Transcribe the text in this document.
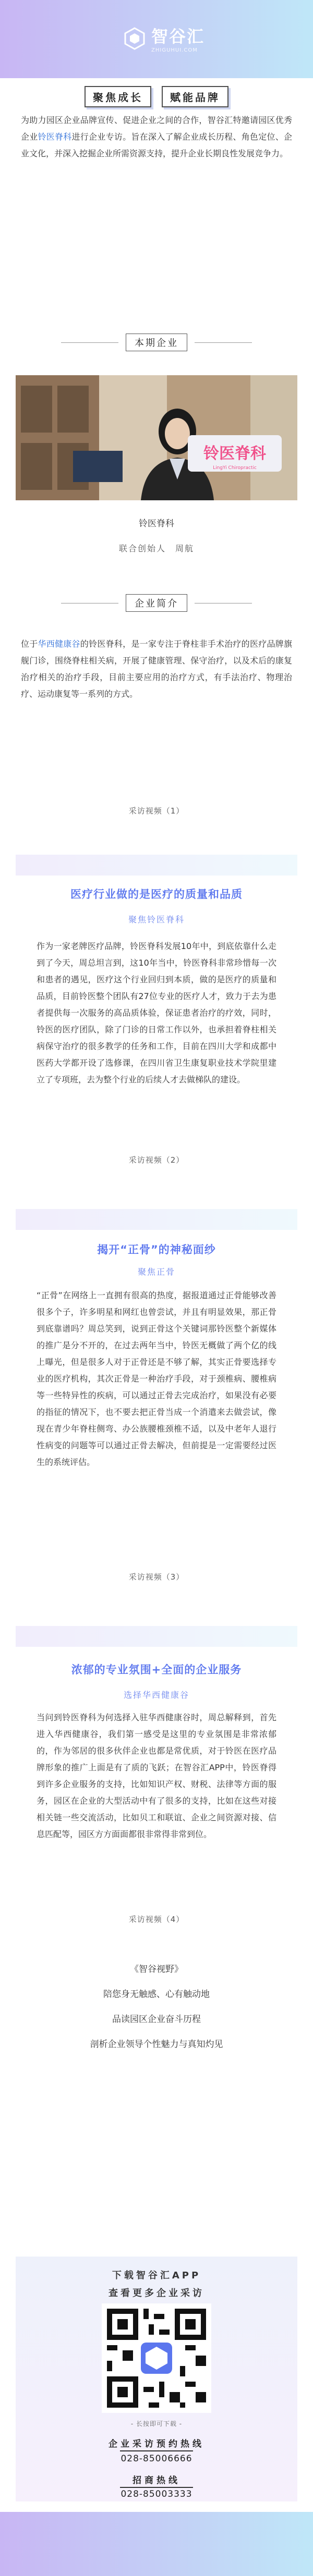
智谷汇
ZHIGUHUI.COM
聚焦成长	赋能品牌
为助力园区企业品牌宣传、促进企业之间的合作，智谷汇特邀请园区优秀企业铃医脊科进行企业专访。旨在深入了解企业成长历程、角色定位、企业文化，并深入挖掘企业所需资源支持，提升企业长期良性发展竞争力。
本期企业
铃医脊科
LingYi Chiropractic
铃医脊科
联合创始人　周航
企业简介
位于华西健康谷的铃医脊科，是一家专注于脊柱非手术治疗的医疗品牌旗舰门诊，围绕脊柱相关病，开展了健康管理、保守治疗，以及术后的康复治疗相关的治疗手段，目前主要应用的治疗方式，有手法治疗、物理治疗、运动康复等一系列的方式。
采访视频（1）
医疗行业做的是医疗的质量和品质
聚焦铃医脊科
作为一家老牌医疗品牌，铃医脊科发展10年中，到底依靠什么走到了今天，周总坦言到，这10年当中，铃医脊科非常珍惜每一次和患者的遇见，医疗这个行业回归到本质，做的是医疗的质量和品质，目前铃医整个团队有27位专业的医疗人才，致力于去为患者提供每一次服务的高品质体验，保证患者治疗的疗效，同时，铃医的医疗团队，除了门诊的日常工作以外，也承担着脊柱相关病保守治疗的很多教学的任务和工作，目前在四川大学和成都中医药大学都开设了选修课，在四川省卫生康复职业技术学院里建立了专项班，去为整个行业的后续人才去做梯队的建设。
采访视频（2）
揭开“正骨”的神秘面纱
聚焦正骨
“正骨”在网络上一直拥有很高的热度，据报道通过正骨能够改善很多个子，许多明星和网红也曾尝试，并且有明显效果，那正骨到底靠谱吗？周总笑到，说到正骨这个关键词那铃医整个新媒体的推广是分不开的，在过去两年当中，铃医无概做了两个亿的线上曝光，但是很多人对于正骨还是不够了解，其实正骨要选择专业的医疗机构，其次正骨是一种治疗手段，对于颈椎病、腰椎病等一些特异性的疾病，可以通过正骨去完成治疗，如果没有必要的指征的情况下，也不要去把正骨当成一个消遣来去做尝试，像现在青少年脊柱侧弯、办公族腰椎颈椎不适，以及中老年人退行性病变的问题等可以通过正骨去解决，但前提是一定需要经过医生的系统评估。
采访视频（3）
浓郁的专业氛围+全面的企业服务
选择华西健康谷
当问到铃医脊科为何选择入驻华西健康谷时，周总解释到，首先进入华西健康谷，我们第一感受是这里的专业氛围是非常浓郁的，作为邻居的很多伙伴企业也都是常优质，对于铃医在医疗品牌形象的推广上面是有了质的飞跃；在智谷汇APP中，铃医脊得到许多企业服务的支持，比如知识产权、财税、法律等方面的服务，园区在企业的大型活动中有了很多的支持，比如在这些对接相关链一些交流活动，比如贝工和联谊、企业之间资源对接、信息匹配等，园区方方面面都很非常得非常到位。
采访视频（4）
《智谷视野》
陪您身无触感、心有触动地
品读园区企业奋斗历程
剖析企业领导个性魅力与真知灼见
下载智谷汇APP
查看更多企业采访
- 长按即可下载 -
企业采访预约热线
028-85006666
招商热线
028-85003333
